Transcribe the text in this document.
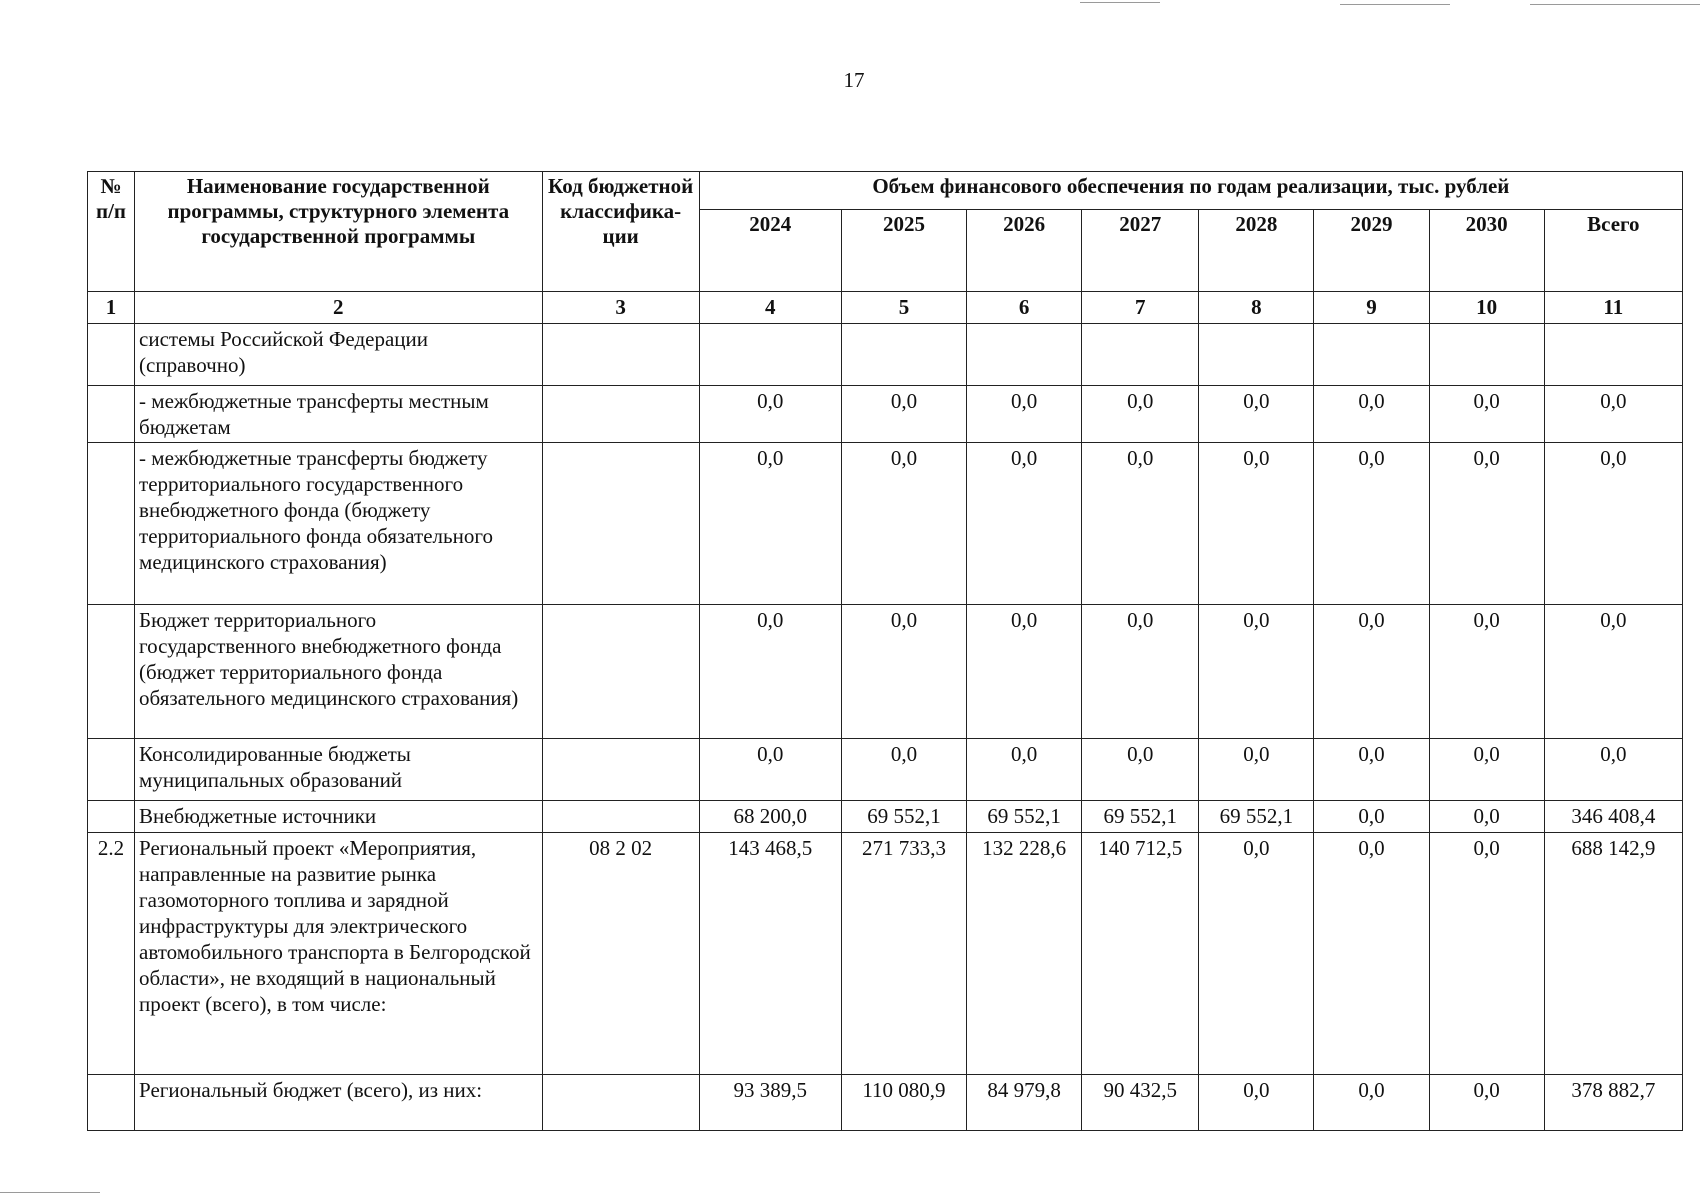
17
№ п/п	Наименование государственной программы, структурного элемента государственной программы	Код бюджетной классифика-ции	Объем финансового обеспечения по годам реализации, тыс. рублей							
			2024	2025	2026	2027	2028	2029	2030	Всего
1	2	3	4	5	6	7	8	9	10	11
	системы Российской Федерации (справочно)									
	- межбюджетные трансферты местным бюджетам		0,0	0,0	0,0	0,0	0,0	0,0	0,0	0,0
	- межбюджетные трансферты бюджету территориального государственного внебюджетного фонда (бюджету территориального фонда обязательного медицинского страхования)		0,0	0,0	0,0	0,0	0,0	0,0	0,0	0,0
	Бюджет территориального государственного внебюджетного фонда (бюджет территориального фонда обязательного медицинского страхования)		0,0	0,0	0,0	0,0	0,0	0,0	0,0	0,0
	Консолидированные бюджеты муниципальных образований		0,0	0,0	0,0	0,0	0,0	0,0	0,0	0,0
	Внебюджетные источники		68 200,0	69 552,1	69 552,1	69 552,1	69 552,1	0,0	0,0	346 408,4
2.2	Региональный проект «Мероприятия, направленные на развитие рынка газомоторного топлива и зарядной инфраструктуры для электрического автомобильного транспорта в Белгородской области», не входящий в национальный проект (всего), в том числе:	08 2 02	143 468,5	271 733,3	132 228,6	140 712,5	0,0	0,0	0,0	688 142,9
	Региональный бюджет (всего), из них:		93 389,5	110 080,9	84 979,8	90 432,5	0,0	0,0	0,0	378 882,7
